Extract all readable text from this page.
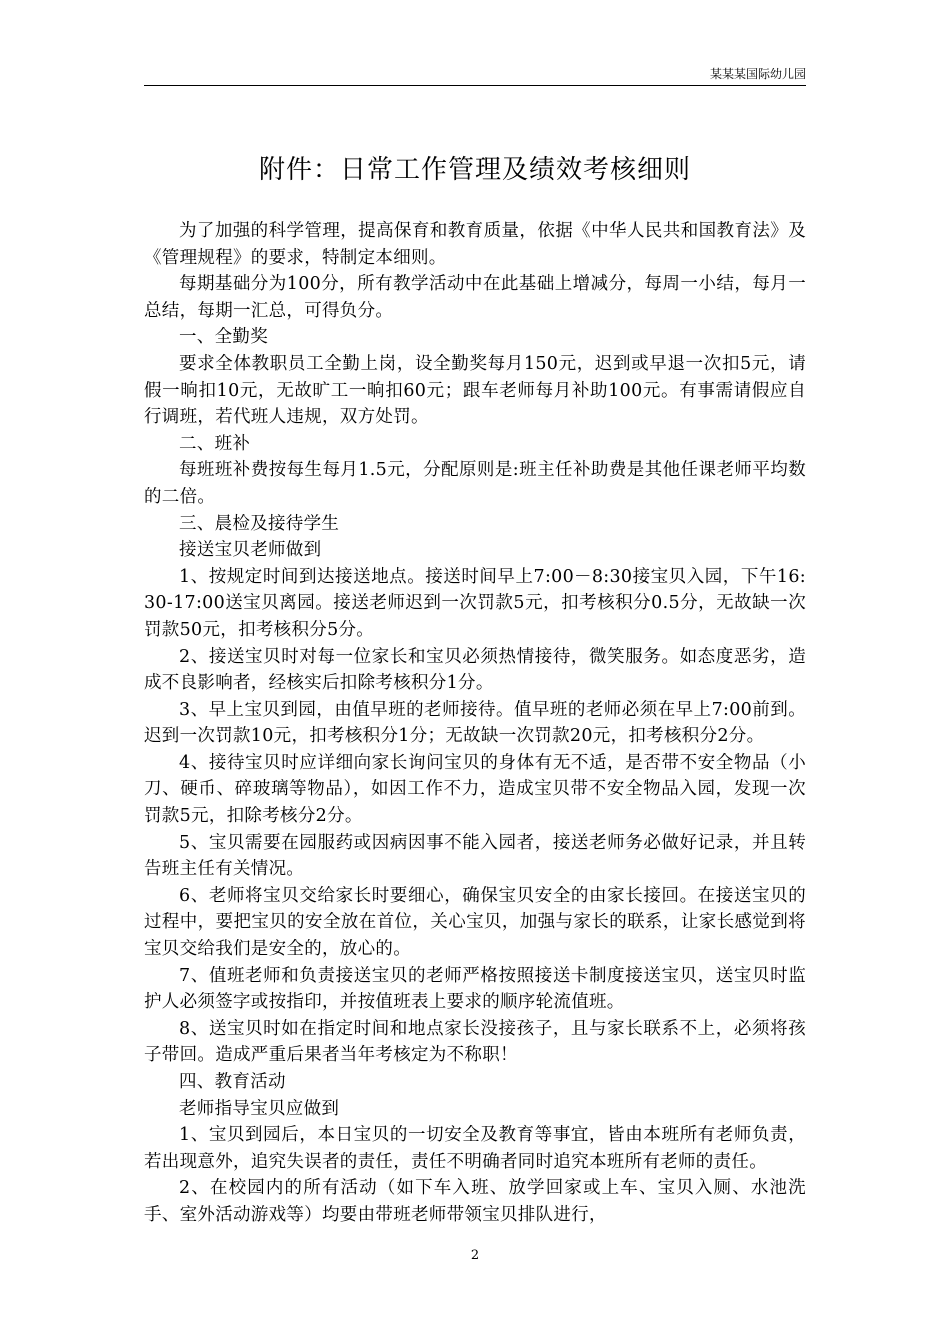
某某某国际幼儿园
附件：日常工作管理及绩效考核细则

为了加强的科学管理，提高保育和教育质量，依据《中华人民共和国教育法》及《管理规程》的要求，特制定本细则。

每期基础分为100分，所有教学活动中在此基础上增减分，每周一小结，每月一总结，每期一汇总，可得负分。

一、全勤奖

要求全体教职员工全勤上岗，设全勤奖每月150元，迟到或早退一次扣5元，请假一晌扣10元，无故旷工一晌扣60元；跟车老师每月补助100元。有事需请假应自行调班，若代班人违规，双方处罚。

二、班补

每班班补费按每生每月1.5元，分配原则是:班主任补助费是其他任课老师平均数的二倍。

三、晨检及接待学生

接送宝贝老师做到

1、按规定时间到达接送地点。接送时间早上7:00－8:30接宝贝入园，下午16:30-17:00送宝贝离园。接送老师迟到一次罚款5元，扣考核积分0.5分，无故缺一次罚款50元，扣考核积分5分。

2、接送宝贝时对每一位家长和宝贝必须热情接待，微笑服务。如态度恶劣，造成不良影响者，经核实后扣除考核积分1分。

3、早上宝贝到园，由值早班的老师接待。值早班的老师必须在早上7:00前到。迟到一次罚款10元，扣考核积分1分；无故缺一次罚款20元，扣考核积分2分。

4、接待宝贝时应详细向家长询问宝贝的身体有无不适，是否带不安全物品（小刀、硬币、碎玻璃等物品），如因工作不力，造成宝贝带不安全物品入园，发现一次罚款5元，扣除考核分2分。

5、宝贝需要在园服药或因病因事不能入园者，接送老师务必做好记录，并且转告班主任有关情况。

6、老师将宝贝交给家长时要细心，确保宝贝安全的由家长接回。在接送宝贝的过程中，要把宝贝的安全放在首位，关心宝贝，加强与家长的联系，让家长感觉到将宝贝交给我们是安全的，放心的。

7、值班老师和负责接送宝贝的老师严格按照接送卡制度接送宝贝，送宝贝时监护人必须签字或按指印，并按值班表上要求的顺序轮流值班。

8、送宝贝时如在指定时间和地点家长没接孩子，且与家长联系不上，必须将孩子带回。造成严重后果者当年考核定为不称职！

四、教育活动

老师指导宝贝应做到

1、宝贝到园后，本日宝贝的一切安全及教育等事宜，皆由本班所有老师负责，若出现意外，追究失误者的责任，责任不明确者同时追究本班所有老师的责任。

2、在校园内的所有活动（如下车入班、放学回家或上车、宝贝入厕、水池洗手、室外活动游戏等）均要由带班老师带领宝贝排队进行，

2
